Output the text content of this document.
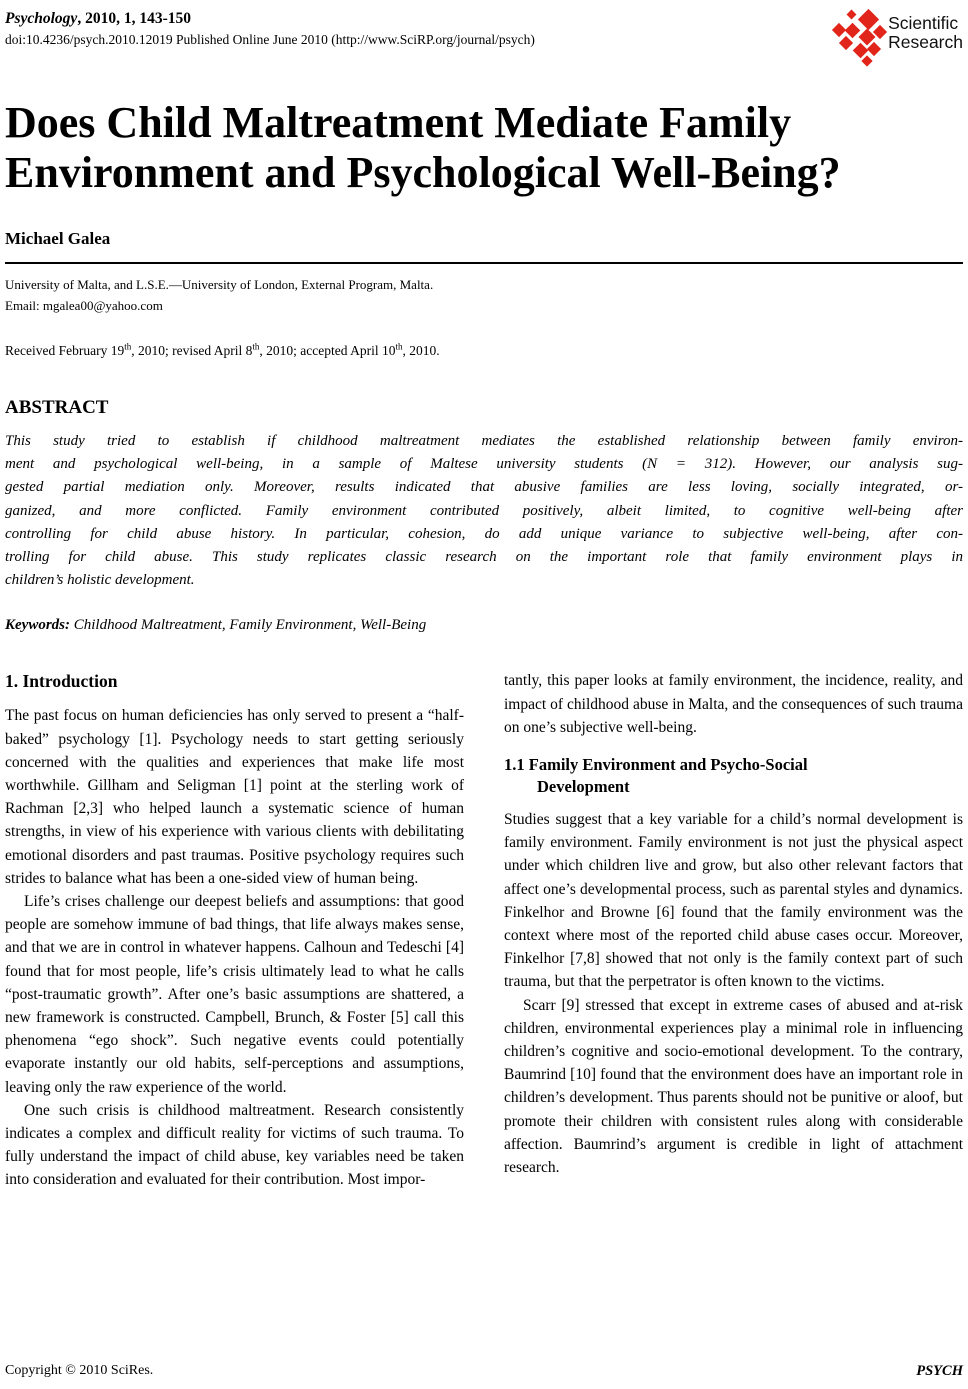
Psychology, 2010, 1, 143-150
doi:10.4236/psych.2010.12019 Published Online June 2010 (http://www.SciRP.org/journal/psych)
Scientific
Research
Does Child Maltreatment Mediate Family Environment and Psychological Well-Being?
Michael Galea
University of Malta, and L.S.E.—University of London, External Program, Malta.
Email: mgalea00@yahoo.com
Received February 19th, 2010; revised April 8th, 2010; accepted April 10th, 2010.
ABSTRACT
This study tried to establish if childhood maltreatment mediates the established relationship between family environ-
ment and psychological well-being, in a sample of Maltese university students (N = 312). However, our analysis sug-
gested partial mediation only. Moreover, results indicated that abusive families are less loving, socially integrated, or-
ganized, and more conflicted. Family environment contributed positively, albeit limited, to cognitive well-being after
controlling for child abuse history. In particular, cohesion, do add unique variance to subjective well-being, after con-
trolling for child abuse. This study replicates classic research on the important role that family environment plays in
children’s holistic development.
Keywords: Childhood Maltreatment, Family Environment, Well-Being
1. Introduction

The past focus on human deficiencies has only served to present a “half-baked” psychology [1]. Psychology needs to start getting seriously concerned with the qualities and experiences that make life most worthwhile. Gillham and Seligman [1] point at the sterling work of Rachman [2,3] who helped launch a systematic science of human strengths, in view of his experience with various clients with debilitating emotional disorders and past traumas. Positive psychology requires such strides to balance what has been a one-sided view of human being.

Life’s crises challenge our deepest beliefs and assumptions: that good people are somehow immune of bad things, that life always makes sense, and that we are in control in whatever happens. Calhoun and Tedeschi [4] found that for most people, life’s crisis ultimately lead to what he calls “post-traumatic growth”. After one’s basic assumptions are shattered, a new framework is constructed. Campbell, Brunch, & Foster [5] call this phenomena “ego shock”. Such negative events could potentially evaporate instantly our old habits, self-perceptions and assumptions, leaving only the raw experience of the world.

One such crisis is childhood maltreatment. Research consistently indicates a complex and difficult reality for victims of such trauma. To fully understand the impact of child abuse, key variables need be taken into consideration and evaluated for their contribution. Most impor-

tantly, this paper looks at family environment, the incidence, reality, and impact of childhood abuse in Malta, and the consequences of such trauma on one’s subjective well-being.

1.1 Family Environment and Psycho-Social
Development

Studies suggest that a key variable for a child’s normal development is family environment. Family environment is not just the physical aspect under which children live and grow, but also other relevant factors that affect one’s developmental process, such as parental styles and dynamics. Finkelhor and Browne [6] found that the family environment was the context where most of the reported child abuse cases occur. Moreover, Finkelhor [7,8] showed that not only is the family context part of such trauma, but that the perpetrator is often known to the victims.

Scarr [9] stressed that except in extreme cases of abused and at-risk children, environmental experiences play a minimal role in influencing children’s cognitive and socio-emotional development. To the contrary, Baumrind [10] found that the environment does have an important role in children’s development. Thus parents should not be punitive or aloof, but promote their children with consistent rules along with considerable affection. Baumrind’s argument is credible in light of attachment research.

Copyright © 2010 SciRes.	PSYCH
